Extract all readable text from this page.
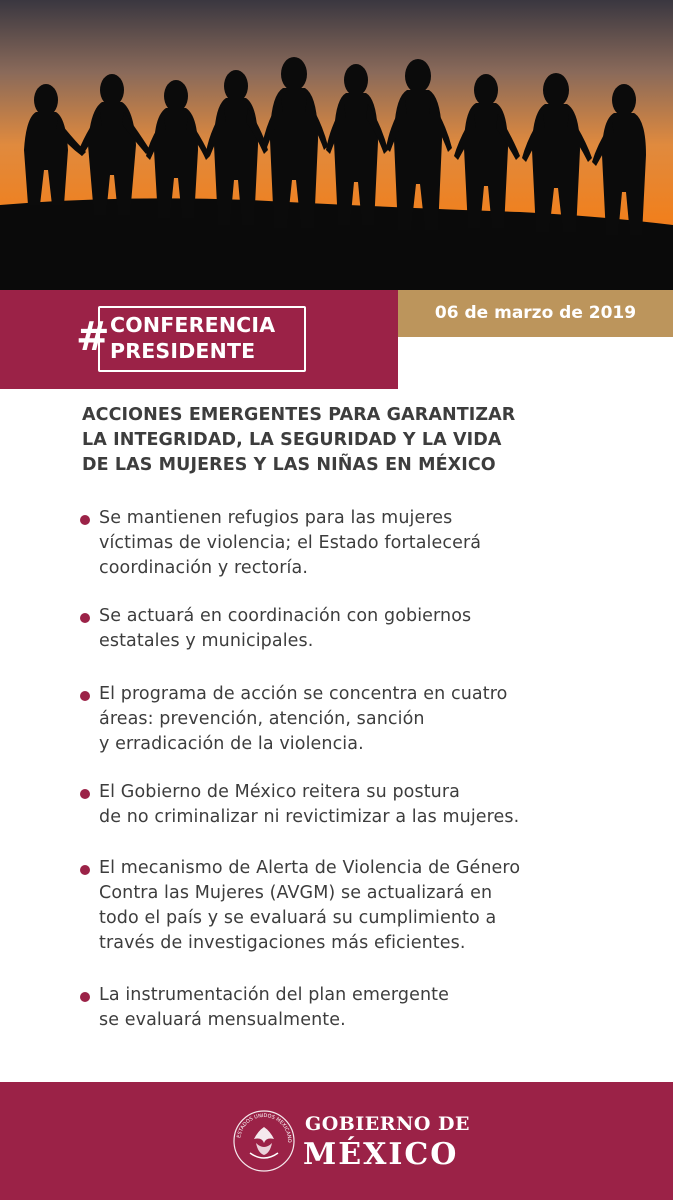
# CONFERENCIA
PRESIDENTE
06 de marzo de 2019
ACCIONES EMERGENTES PARA GARANTIZAR
LA INTEGRIDAD, LA SEGURIDAD Y LA VIDA
DE LAS MUJERES Y LAS NIÑAS EN MÉXICO
Se mantienen refugios para las mujeres
víctimas de violencia; el Estado fortalecerá
coordinación y rectoría.
Se actuará en coordinación con gobiernos
estatales y municipales.
El programa de acción se concentra en cuatro
áreas: prevención, atención, sanción
y erradicación de la violencia.
El Gobierno de México reitera su postura
de no criminalizar ni revictimizar a las mujeres.
El mecanismo de Alerta de Violencia de Género
Contra las Mujeres (AVGM) se actualizará en
todo el país y se evaluará su cumplimiento a
través de investigaciones más eficientes.
La instrumentación del plan emergente
se evaluará mensualmente.
ESTADOS UNIDOS MEXICANO
GOBIERNO DE
MÉXICO
